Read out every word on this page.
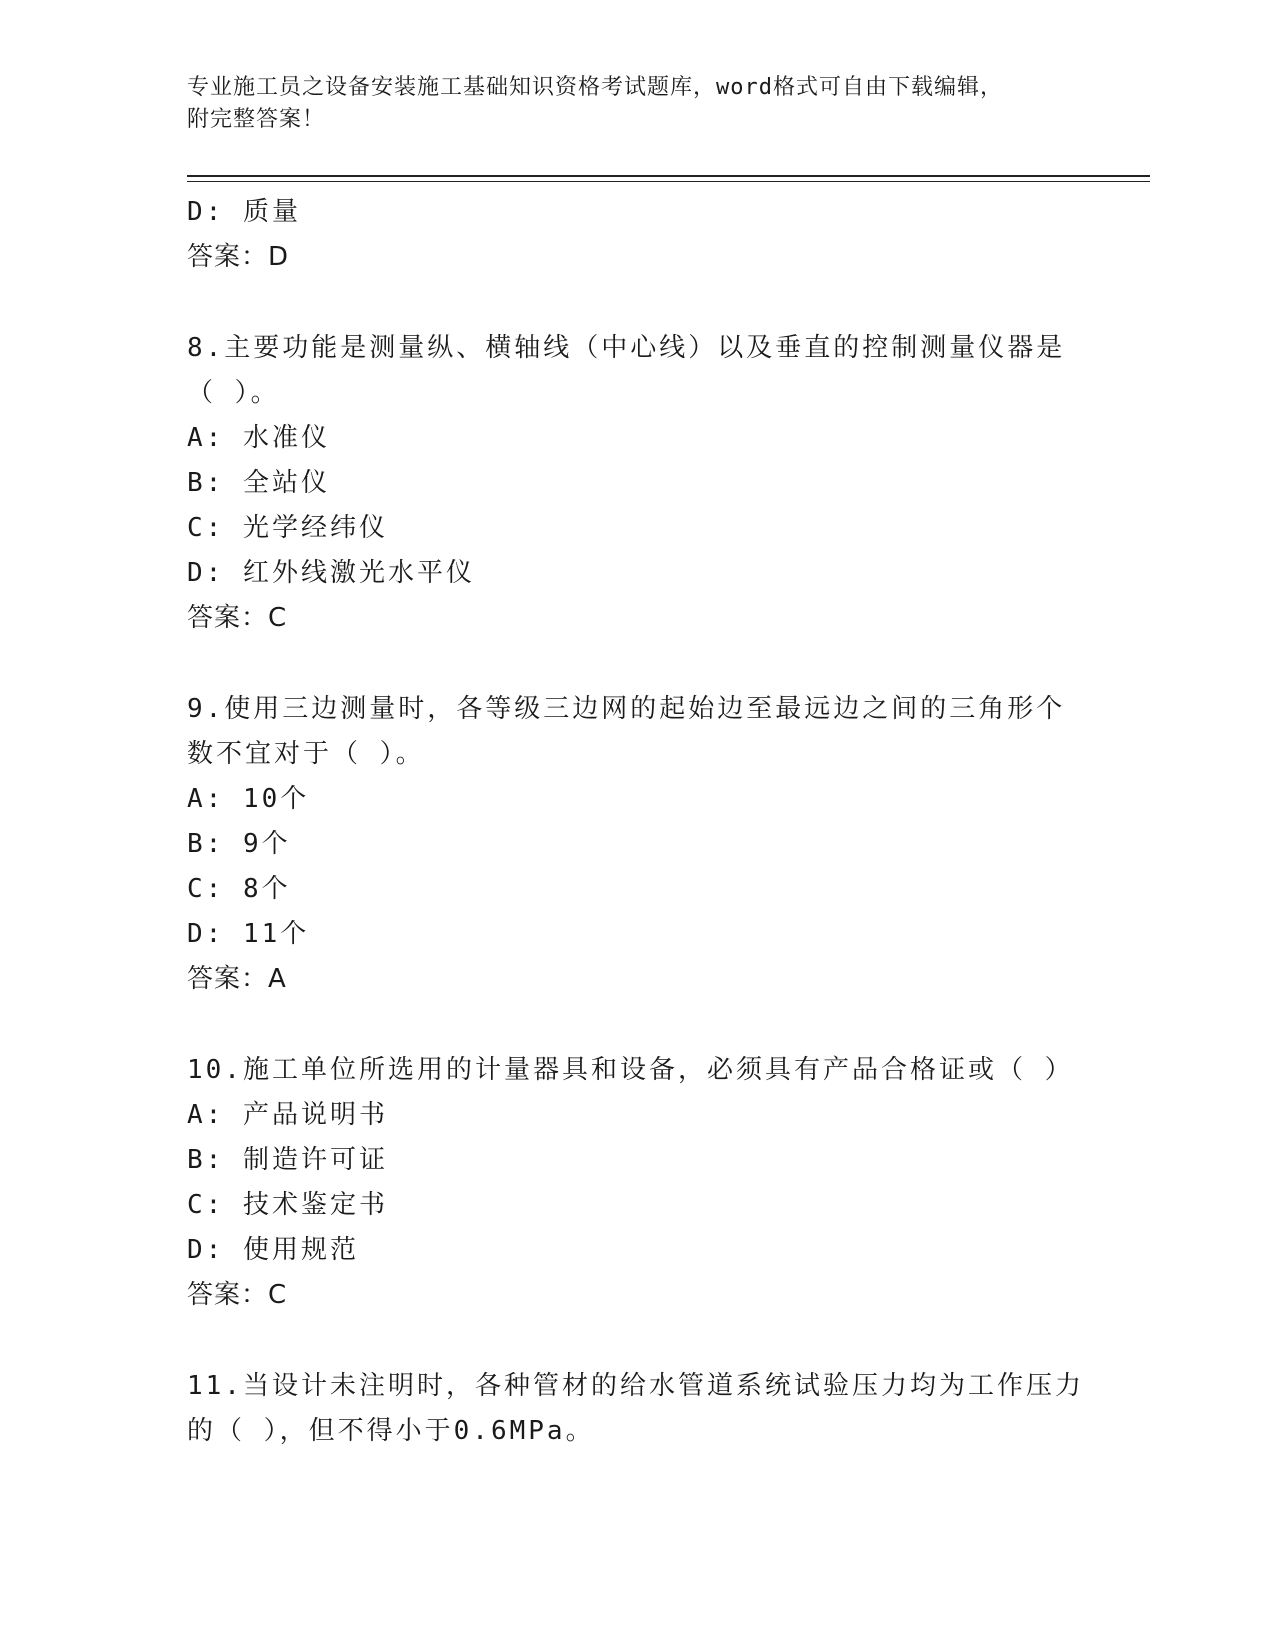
专业施工员之设备安装施工基础知识资格考试题库，word格式可自由下载编辑，
附完整答案！
D: 质量
答案：D
8.主要功能是测量纵、横轴线（中心线）以及垂直的控制测量仪器是
（ ）。
A: 水准仪
B: 全站仪
C: 光学经纬仪
D: 红外线激光水平仪
答案：C
9.使用三边测量时，各等级三边网的起始边至最远边之间的三角形个
数不宜对于（ ）。
A: 10个
B: 9个
C: 8个
D: 11个
答案：A
10.施工单位所选用的计量器具和设备，必须具有产品合格证或（ ）
A: 产品说明书
B: 制造许可证
C: 技术鉴定书
D: 使用规范
答案：C
11.当设计未注明时，各种管材的给水管道系统试验压力均为工作压力
的（ ），但不得小于0.6MPa。
